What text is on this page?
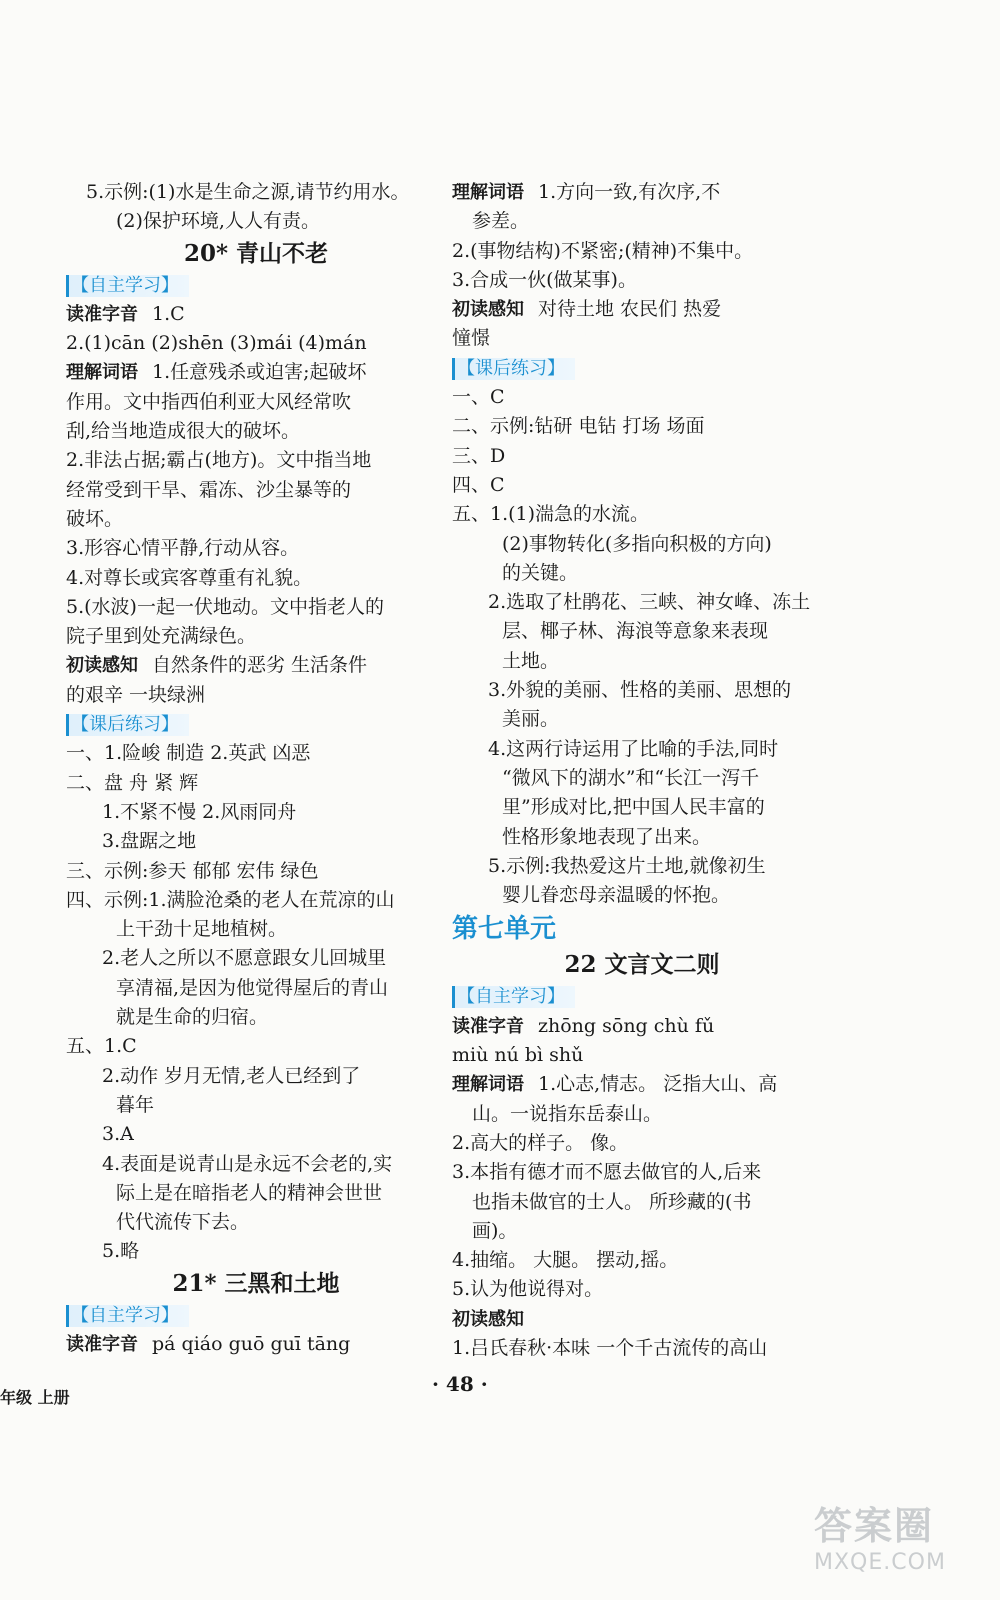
5.示例:(1)水是生命之源,请节约用水。
(2)保护环境,人人有责。
20* 青山不老
【自主学习】
读准字音 1.C
2.(1)cān (2)shēn (3)mái (4)mán
理解词语 1.任意残杀或迫害;起破坏
作用。文中指西伯利亚大风经常吹
刮,给当地造成很大的破坏。
2.非法占据;霸占(地方)。文中指当地
经常受到干旱、霜冻、沙尘暴等的
破坏。
3.形容心情平静,行动从容。
4.对尊长或宾客尊重有礼貌。
5.(水波)一起一伏地动。文中指老人的
院子里到处充满绿色。
初读感知 自然条件的恶劣 生活条件
的艰辛 一块绿洲
【课后练习】
一、1.险峻 制造 2.英武 凶恶
二、盘 舟 紧 辉
1.不紧不慢 2.风雨同舟
3.盘踞之地
三、示例:参天 郁郁 宏伟 绿色
四、示例:1.满脸沧桑的老人在荒凉的山
上干劲十足地植树。
2.老人之所以不愿意跟女儿回城里
享清福,是因为他觉得屋后的青山
就是生命的归宿。
五、1.C
2.动作 岁月无情,老人已经到了
暮年
3.A
4.表面是说青山是永远不会老的,实
际上是在暗指老人的精神会世世
代代流传下去。
5.略
21* 三黑和土地
【自主学习】
读准字音 pá qiáo guō guī tāng
理解词语 1.方向一致,有次序,不
参差。
2.(事物结构)不紧密;(精神)不集中。
3.合成一伙(做某事)。
初读感知 对待土地 农民们 热爱
憧憬
【课后练习】
一、C
二、示例:钻研 电钻 打场 场面
三、D
四、C
五、1.(1)湍急的水流。
(2)事物转化(多指向积极的方向)
的关键。
2.选取了杜鹃花、三峡、神女峰、冻土
层、椰子林、海浪等意象来表现
土地。
3.外貌的美丽、性格的美丽、思想的
美丽。
4.这两行诗运用了比喻的手法,同时
“微风下的湖水”和“长江一泻千
里”形成对比,把中国人民丰富的
性格形象地表现了出来。
5.示例:我热爱这片土地,就像初生
婴儿眷恋母亲温暖的怀抱。
第七单元
22 文言文二则
【自主学习】
读准字音 zhōng sōng chù fǔ
miù nú bì shǔ
理解词语 1.心志,情志。 泛指大山、高
山。一说指东岳泰山。
2.高大的样子。 像。
3.本指有德才而不愿去做官的人,后来
也指未做官的士人。 所珍藏的(书
画)。
4.抽缩。 大腿。 摆动,摇。
5.认为他说得对。
初读感知
1.吕氏春秋·本味 一个千古流传的高山
· 48 ·
年级 上册
答案圈
MXQE.COM
